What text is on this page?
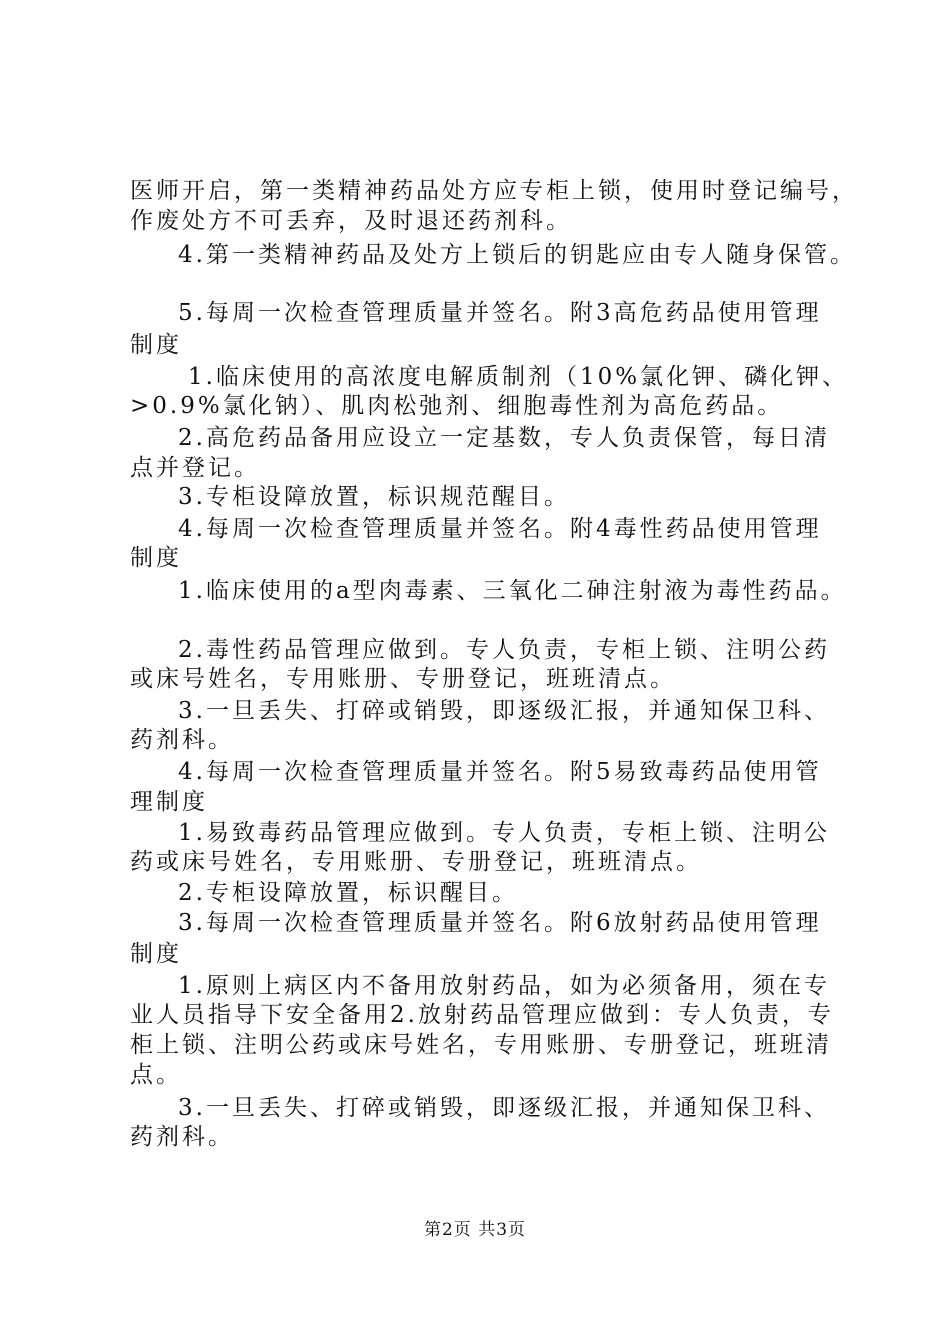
医师开启，第一类精神药品处方应专柜上锁，使用时登记编号，

作废处方不可丢弃，及时退还药剂科。

4.第一类精神药品及处方上锁后的钥匙应由专人随身保管。

5.每周一次检查管理质量并签名。附3高危药品使用管理

制度

1.临床使用的高浓度电解质制剂（10%氯化钾、磷化钾、

>0.9%氯化钠）、肌肉松弛剂、细胞毒性剂为高危药品。

2.高危药品备用应设立一定基数，专人负责保管，每日清

点并登记。

3.专柜设障放置，标识规范醒目。

4.每周一次检查管理质量并签名。附4毒性药品使用管理

制度

1.临床使用的a型肉毒素、三氧化二砷注射液为毒性药品。

2.毒性药品管理应做到。专人负责，专柜上锁、注明公药

或床号姓名，专用账册、专册登记，班班清点。

3.一旦丢失、打碎或销毁，即逐级汇报，并通知保卫科、

药剂科。

4.每周一次检查管理质量并签名。附5易致毒药品使用管

理制度

1.易致毒药品管理应做到。专人负责，专柜上锁、注明公

药或床号姓名，专用账册、专册登记，班班清点。

2.专柜设障放置，标识醒目。

3.每周一次检查管理质量并签名。附6放射药品使用管理

制度

1.原则上病区内不备用放射药品，如为必须备用，须在专

业人员指导下安全备用2.放射药品管理应做到：专人负责，专

柜上锁、注明公药或床号姓名，专用账册、专册登记，班班清

点。

3.一旦丢失、打碎或销毁，即逐级汇报，并通知保卫科、

药剂科。

第2页 共3页
